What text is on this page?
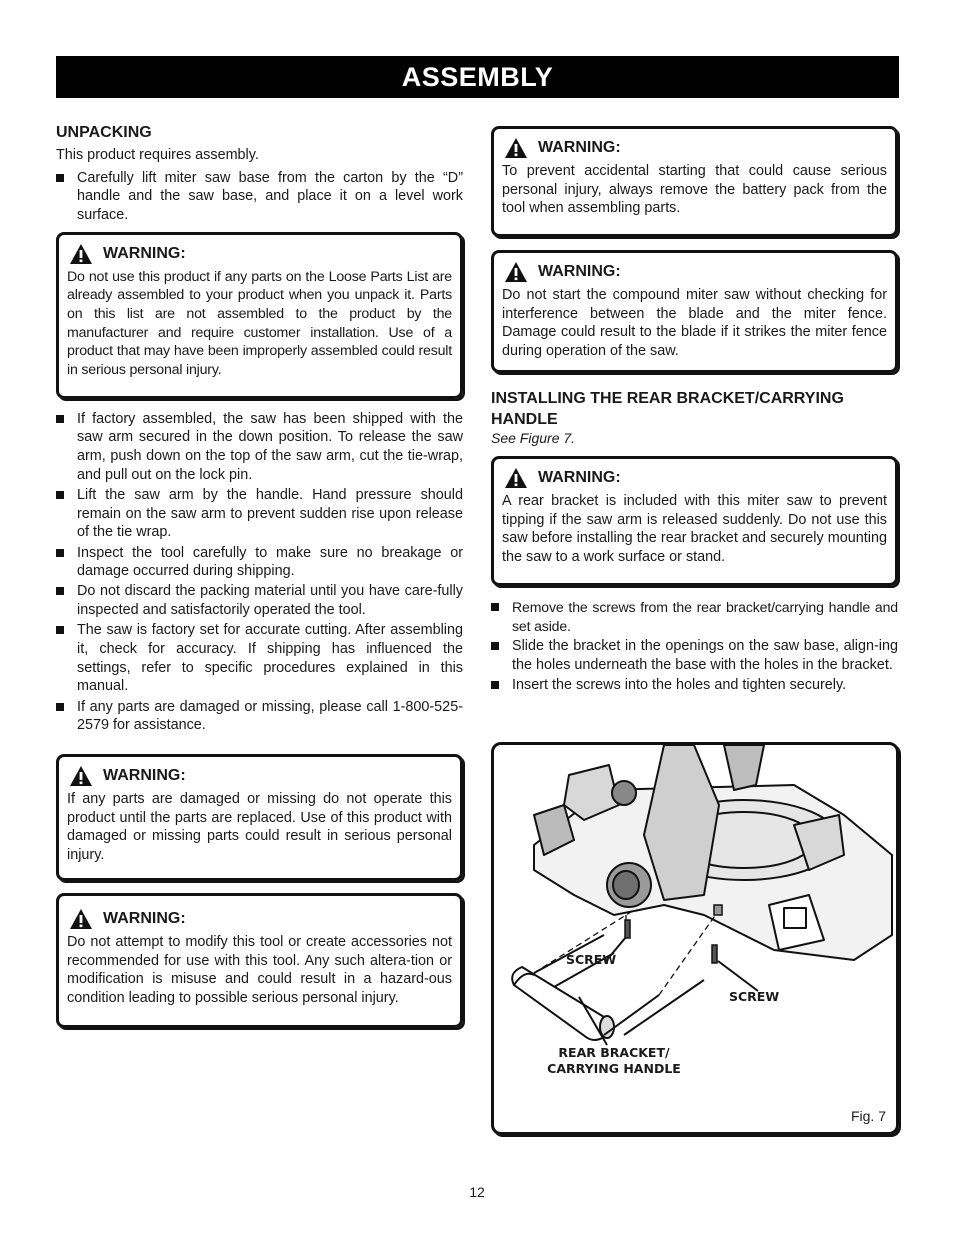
ASSEMBLY
UNPACKING

This product requires assembly.

Carefully lift miter saw base from the carton by the “D” handle and the saw base, and place it on a level work surface.
WARNING:

Do not use this product if any parts on the Loose Parts List are already assembled to your product when you unpack it. Parts on this list are not assembled to the product by the manufacturer and require customer installation. Use of a product that may have been improperly assembled could result in serious personal injury.

If factory assembled, the saw has been shipped with the saw arm secured in the down position. To release the saw arm, push down on the top of the saw arm, cut the tie-wrap, and pull out on the lock pin.
Lift the saw arm by the handle. Hand pressure should remain on the saw arm to prevent sudden rise upon release of the tie wrap.
Inspect the tool carefully to make sure no breakage or damage occurred during shipping.
Do not discard the packing material until you have care-fully inspected and satisfactorily operated the tool.
The saw is factory set for accurate cutting. After assembling it, check for accuracy. If shipping has influenced the settings, refer to specific procedures explained in this manual.
If any parts are damaged or missing, please call 1-800-525-2579 for assistance.
WARNING:

If any parts are damaged or missing do not operate this product until the parts are replaced. Use of this product with damaged or missing parts could result in serious personal injury.

WARNING:

Do not attempt to modify this tool or create accessories not recommended for use with this tool. Any such altera-tion or modification is misuse and could result in a hazard-ous condition leading to possible serious personal injury.

WARNING:

To prevent accidental starting that could cause serious personal injury, always remove the battery pack from the tool when assembling parts.

WARNING:

Do not start the compound miter saw without checking for interference between the blade and the miter fence. Damage could result to the blade if it strikes the miter fence during operation of the saw.

INSTALLING THE REAR BRACKET/CARRYING HANDLE

See Figure 7.

WARNING:

A rear bracket is included with this miter saw to prevent tipping if the saw arm is released suddenly. Do not use this saw before installing the rear bracket and securely mounting the saw to a work surface or stand.

Remove the screws from the rear bracket/carrying handle and set aside.
Slide the bracket in the openings on the saw base, align-ing the holes underneath the base with the holes in the bracket.
Insert the screws into the holes and tighten securely.
SCREW
SCREW
REAR BRACKET/
CARRYING HANDLE
Fig. 7
12
